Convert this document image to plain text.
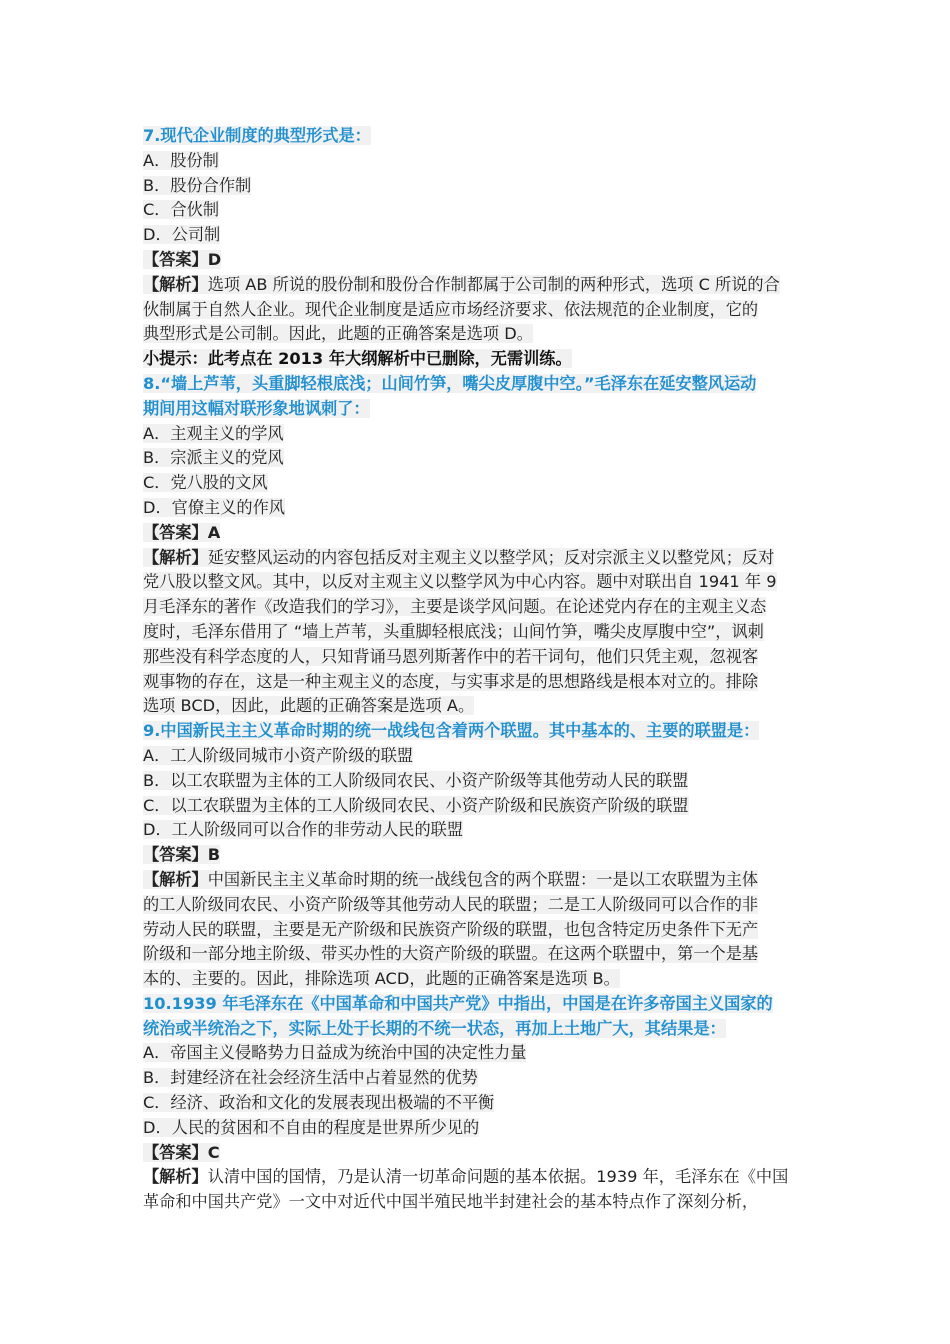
7.现代企业制度的典型形式是：
A．股份制
B．股份合作制
C．合伙制
D．公司制
【答案】D
【解析】选项 AB 所说的股份制和股份合作制都属于公司制的两种形式，选项 C 所说的合
伙制属于自然人企业。现代企业制度是适应市场经济要求、依法规范的企业制度，它的
典型形式是公司制。因此，此题的正确答案是选项 D。
小提示：此考点在 2013 年大纲解析中已删除，无需训练。
8.“墙上芦苇，头重脚轻根底浅；山间竹笋，嘴尖皮厚腹中空。”毛泽东在延安整风运动
期间用这幅对联形象地讽刺了：
A．主观主义的学风
B．宗派主义的党风
C．党八股的文风
D．官僚主义的作风
【答案】A
【解析】延安整风运动的内容包括反对主观主义以整学风；反对宗派主义以整党风；反对
党八股以整文风。其中，以反对主观主义以整学风为中心内容。题中对联出自 1941 年 9
月毛泽东的著作《改造我们的学习》，主要是谈学风问题。在论述党内存在的主观主义态
度时，毛泽东借用了 “墙上芦苇，头重脚轻根底浅；山间竹笋，嘴尖皮厚腹中空”，讽刺
那些没有科学态度的人，只知背诵马恩列斯著作中的若干词句，他们只凭主观，忽视客
观事物的存在，这是一种主观主义的态度，与实事求是的思想路线是根本对立的。排除
选项 BCD，因此，此题的正确答案是选项 A。
9.中国新民主主义革命时期的统一战线包含着两个联盟。其中基本的、主要的联盟是：
A．工人阶级同城市小资产阶级的联盟
B．以工农联盟为主体的工人阶级同农民、小资产阶级等其他劳动人民的联盟
C．以工农联盟为主体的工人阶级同农民、小资产阶级和民族资产阶级的联盟
D．工人阶级同可以合作的非劳动人民的联盟
【答案】B
【解析】中国新民主主义革命时期的统一战线包含的两个联盟：一是以工农联盟为主体
的工人阶级同农民、小资产阶级等其他劳动人民的联盟；二是工人阶级同可以合作的非
劳动人民的联盟，主要是无产阶级和民族资产阶级的联盟，也包含特定历史条件下无产
阶级和一部分地主阶级、带买办性的大资产阶级的联盟。在这两个联盟中，第一个是基
本的、主要的。因此，排除选项 ACD，此题的正确答案是选项 B。
10.1939 年毛泽东在《中国革命和中国共产党》中指出，中国是在许多帝国主义国家的
统治或半统治之下，实际上处于长期的不统一状态，再加上土地广大，其结果是：
A．帝国主义侵略势力日益成为统治中国的决定性力量
B．封建经济在社会经济生活中占着显然的优势
C．经济、政治和文化的发展表现出极端的不平衡
D．人民的贫困和不自由的程度是世界所少见的
【答案】C
【解析】认清中国的国情，乃是认清一切革命问题的基本依据。1939 年，毛泽东在《中国
革命和中国共产党》一文中对近代中国半殖民地半封建社会的基本特点作了深刻分析，
